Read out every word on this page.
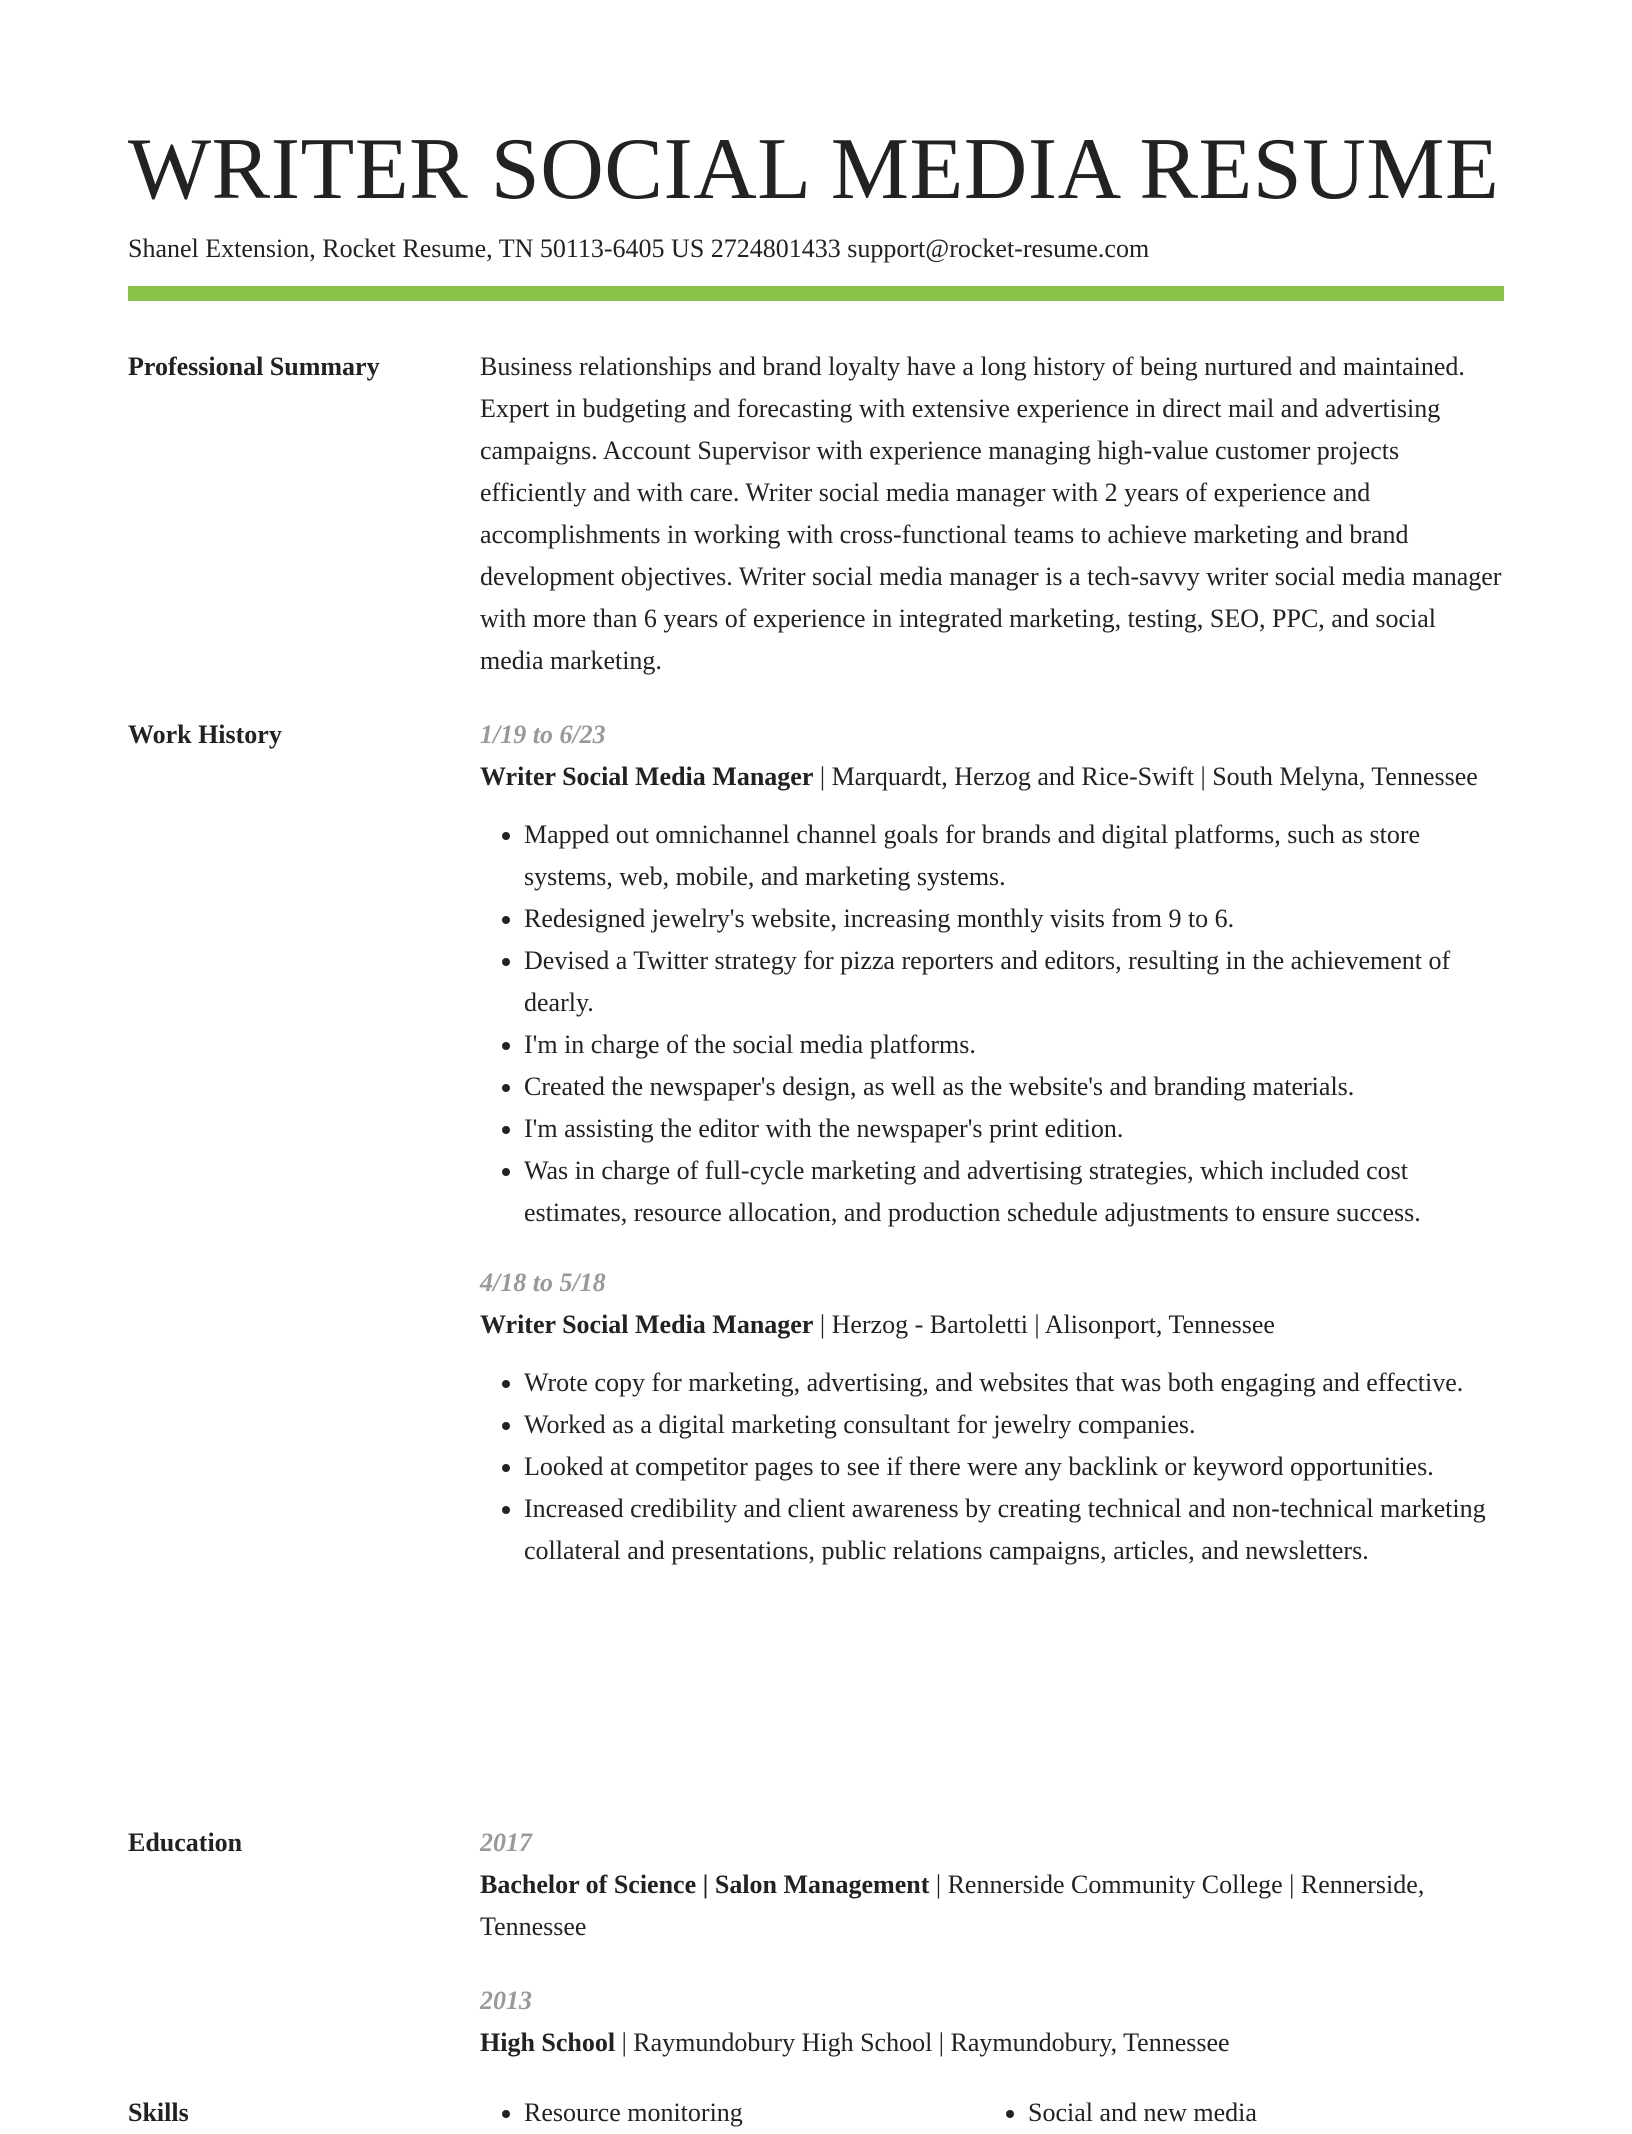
WRITER SOCIAL MEDIA RESUME
Shanel Extension, Rocket Resume, TN 50113-6405 US 2724801433 support@rocket-resume.com
Professional Summary	Business relationships and brand loyalty have a long history of being nurtured and maintained. Expert in budgeting and forecasting with extensive experience in direct mail and advertising campaigns. Account Supervisor with experience managing high-value customer projects efficiently and with care. Writer social media manager with 2 years of experience and accomplishments in working with cross-functional teams to achieve marketing and brand development objectives. Writer social media manager is a tech-savvy writer social media manager with more than 6 years of experience in integrated marketing, testing, SEO, PPC, and social media marketing.

Work History	1/19 to 6/23

Writer Social Media Manager | Marquardt, Herzog and Rice-Swift | South Melyna, Tennessee

• Mapped out omnichannel channel goals for brands and digital platforms, such as store systems, web, mobile, and marketing systems.
• Redesigned jewelry's website, increasing monthly visits from 9 to 6.
• Devised a Twitter strategy for pizza reporters and editors, resulting in the achievement of dearly.
• I'm in charge of the social media platforms.
• Created the newspaper's design, as well as the website's and branding materials.
• I'm assisting the editor with the newspaper's print edition.
• Was in charge of full-cycle marketing and advertising strategies, which included cost estimates, resource allocation, and production schedule adjustments to ensure success.
4/18 to 5/18

Writer Social Media Manager | Herzog - Bartoletti | Alisonport, Tennessee

• Wrote copy for marketing, advertising, and websites that was both engaging and effective.
• Worked as a digital marketing consultant for jewelry companies.
• Looked at competitor pages to see if there were any backlink or keyword opportunities.
• Increased credibility and client awareness by creating technical and non-technical marketing collateral and presentations, public relations campaigns, articles, and newsletters.
Education	2017

Bachelor of Science | Salon Management | Rennerside Community College | Rennerside, Tennessee

2013

High School | Raymundobury High School | Raymundobury, Tennessee

Skills	• Resource monitoring	• Social and new media
